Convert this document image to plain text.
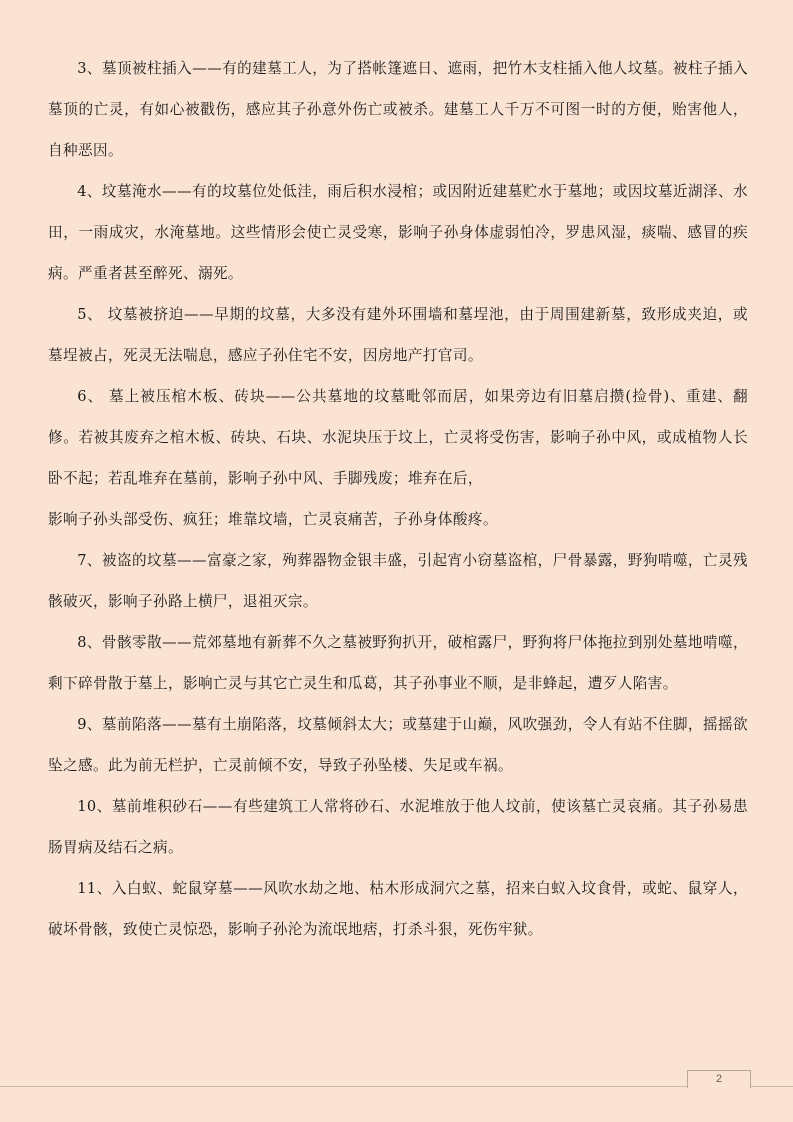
3、墓顶被柱插入——有的建墓工人，为了搭帐篷遮日、遮雨，把竹木支柱插入他人坟墓。被柱子插入墓顶的亡灵，有如心被戳伤，感应其子孙意外伤亡或被杀。建墓工人千万不可图一时的方便，贻害他人，自种恶因。

4、坟墓淹水——有的坟墓位处低洼，雨后积水浸棺；或因附近建墓贮水于墓地；或因坟墓近湖泽、水田，一雨成灾，水淹墓地。这些情形会使亡灵受寒，影响子孙身体虚弱怕冷，罗患风湿，痰喘、感冒的疾病。严重者甚至醉死、溺死。

5、 坟墓被挤迫——早期的坟墓，大多没有建外环围墙和墓埕池，由于周围建新墓，致形成夹迫，或墓埕被占，死灵无法喘息，感应子孙住宅不安，因房地产打官司。

6、 墓上被压棺木板、砖块——公共墓地的坟墓毗邻而居，如果旁边有旧墓启攒(捡骨)、重建、翻修。若被其废弃之棺木板、砖块、石块、水泥块压于坟上，亡灵将受伤害，影响子孙中风，或成植物人长卧不起；若乱堆弃在墓前，影响子孙中风、手脚残废；堆弃在后，

影响子孙头部受伤、疯狂；堆靠坟墙，亡灵哀痛苦，子孙身体酸疼。

7、被盗的坟墓——富豪之家，殉葬器物金银丰盛，引起宵小窃墓盗棺，尸骨暴露，野狗啃噬，亡灵残骸破灭，影响子孙路上横尸，退祖灭宗。

8、骨骸零散——荒郊墓地有新葬不久之墓被野狗扒开，破棺露尸，野狗将尸体拖拉到别处墓地啃噬，剩下碎骨散于墓上，影响亡灵与其它亡灵生和瓜葛，其子孙事业不顺，是非蜂起，遭歹人陷害。

9、墓前陷落——墓有土崩陷落，坟墓倾斜太大；或墓建于山巅，风吹强劲，令人有站不住脚，摇摇欲坠之感。此为前无栏护，亡灵前倾不安，导致子孙坠楼、失足或车祸。

10、墓前堆积砂石——有些建筑工人常将砂石、水泥堆放于他人坟前，使该墓亡灵哀痛。其子孙易患肠胃病及结石之病。

11、入白蚁、蛇鼠穿墓——风吹水劫之地、枯木形成洞穴之墓，招来白蚁入坟食骨，或蛇、鼠穿人，破坏骨骸，致使亡灵惊恐，影响子孙沦为流氓地痞，打杀斗狠，死伤牢狱。

2
